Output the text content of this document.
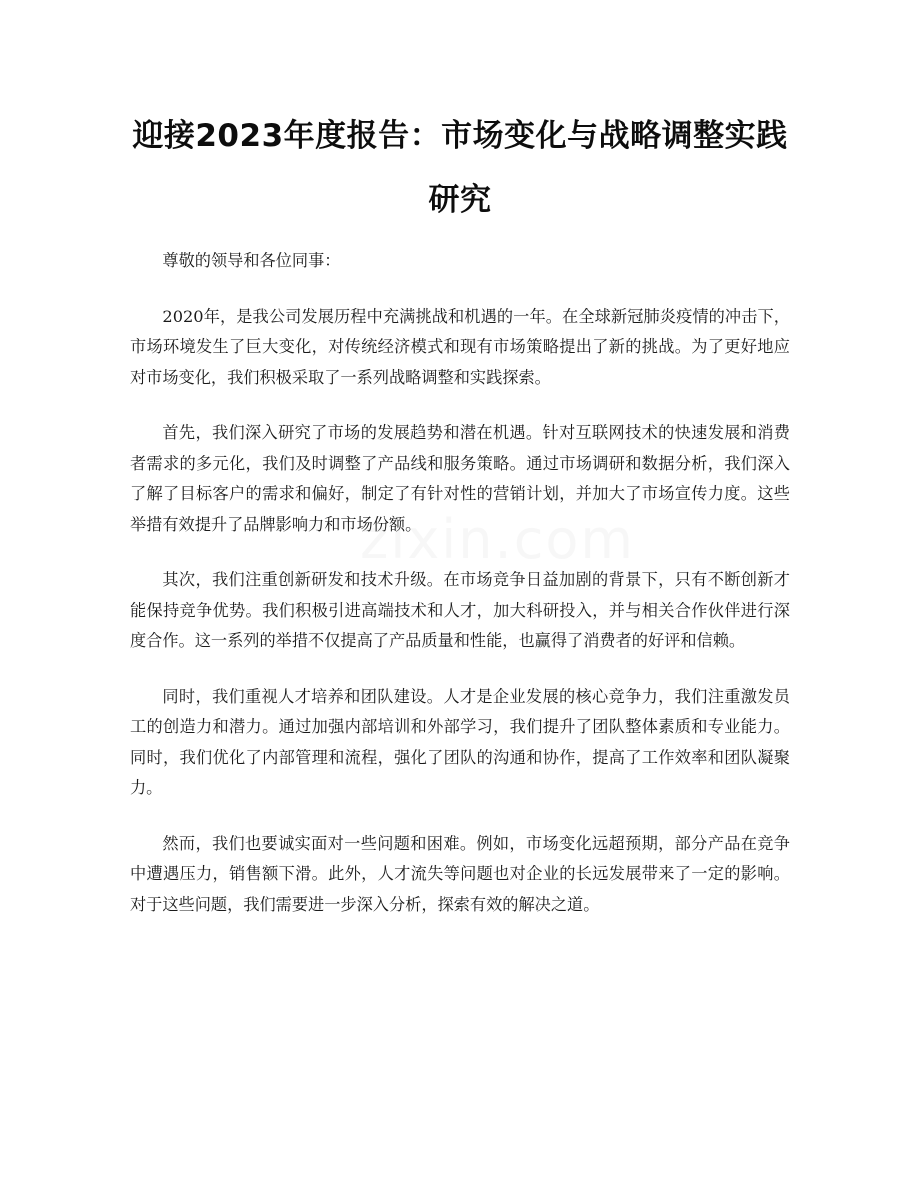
迎接2023年度报告：市场变化与战略调整实践研究

尊敬的领导和各位同事：

2020年，是我公司发展历程中充满挑战和机遇的一年。在全球新冠肺炎疫情的冲击下，市场环境发生了巨大变化，对传统经济模式和现有市场策略提出了新的挑战。为了更好地应对市场变化，我们积极采取了一系列战略调整和实践探索。

首先，我们深入研究了市场的发展趋势和潜在机遇。针对互联网技术的快速发展和消费者需求的多元化，我们及时调整了产品线和服务策略。通过市场调研和数据分析，我们深入了解了目标客户的需求和偏好，制定了有针对性的营销计划，并加大了市场宣传力度。这些举措有效提升了品牌影响力和市场份额。

其次，我们注重创新研发和技术升级。在市场竞争日益加剧的背景下，只有不断创新才能保持竞争优势。我们积极引进高端技术和人才，加大科研投入，并与相关合作伙伴进行深度合作。这一系列的举措不仅提高了产品质量和性能，也赢得了消费者的好评和信赖。

同时，我们重视人才培养和团队建设。人才是企业发展的核心竞争力，我们注重激发员工的创造力和潜力。通过加强内部培训和外部学习，我们提升了团队整体素质和专业能力。同时，我们优化了内部管理和流程，强化了团队的沟通和协作，提高了工作效率和团队凝聚力。

然而，我们也要诚实面对一些问题和困难。例如，市场变化远超预期，部分产品在竞争中遭遇压力，销售额下滑。此外，人才流失等问题也对企业的长远发展带来了一定的影响。对于这些问题，我们需要进一步深入分析，探索有效的解决之道。

zixin.com
